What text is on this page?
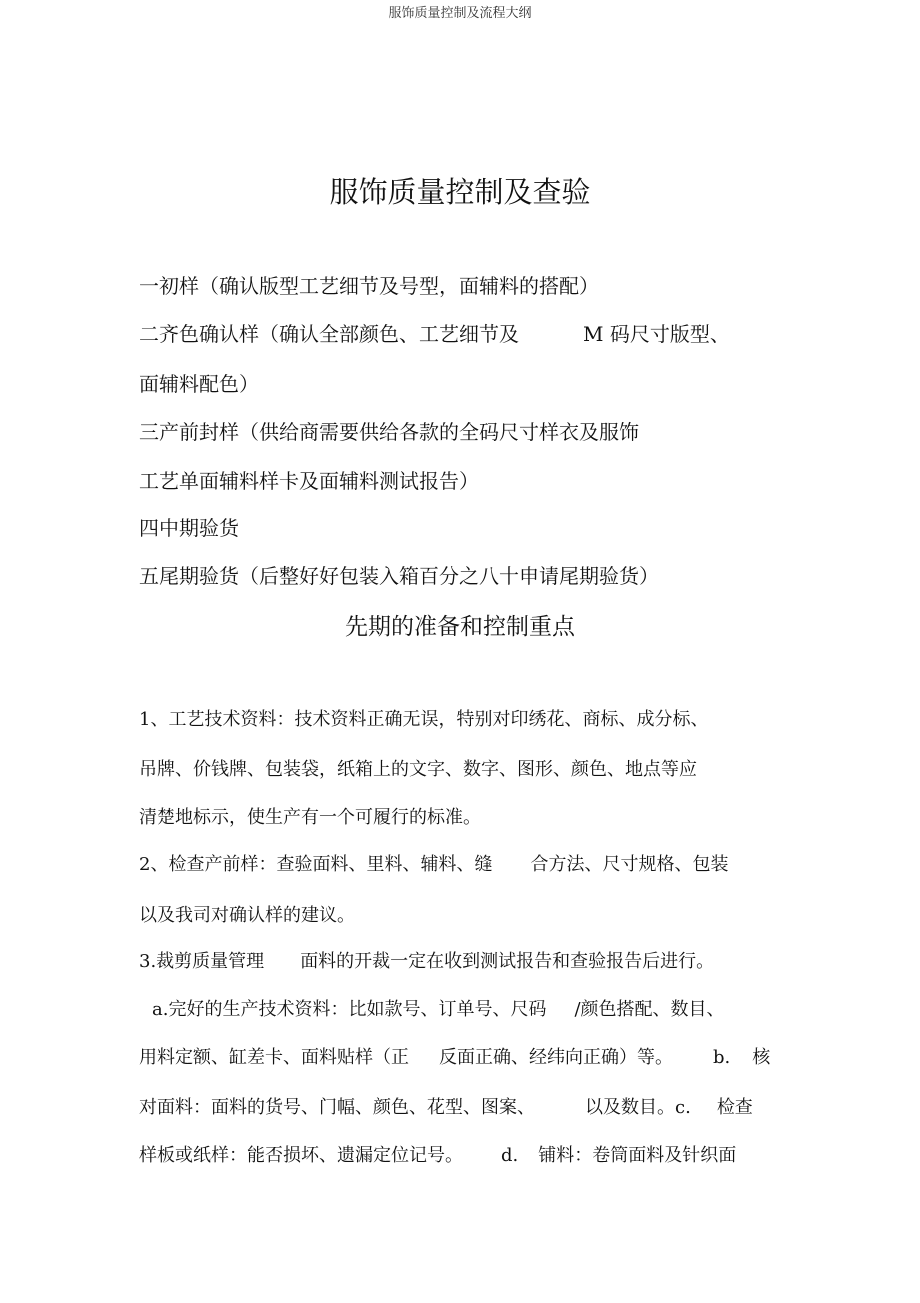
服饰质量控制及流程大纲
服饰质量控制及查验
一初样（确认版型工艺细节及号型，面辅料的搭配）
二齐色确认样（确认全部颜色、工艺细节及	M 码尺寸版型、
面辅料配色）
三产前封样（供给商需要供给各款的全码尺寸样衣及服饰
工艺单面辅料样卡及面辅料测试报告）
四中期验货
五尾期验货（后整好好包装入箱百分之八十申请尾期验货）
先期的准备和控制重点
1、工艺技术资料：技术资料正确无误，特别对印绣花、商标、成分标、
吊牌、价钱牌、包装袋，纸箱上的文字、数字、图形、颜色、地点等应
清楚地标示，使生产有一个可履行的标准。
2、检查产前样：查验面料、里料、辅料、缝 合方法、尺寸规格、包装
以及我司对确认样的建议。
3.裁剪质量管理 面料的开裁一定在收到测试报告和查验报告后进行。
a.完好的生产技术资料：比如款号、订单号、尺码 /颜色搭配、数目、
用料定额、缸差卡、面料贴样（正 反面正确、经纬向正确）等。 b. 核
对面料：面料的货号、门幅、颜色、花型、图案、	以及数目。c. 检查
样板或纸样：能否损坏、遗漏定位记号。 d. 铺料：卷筒面料及针织面
